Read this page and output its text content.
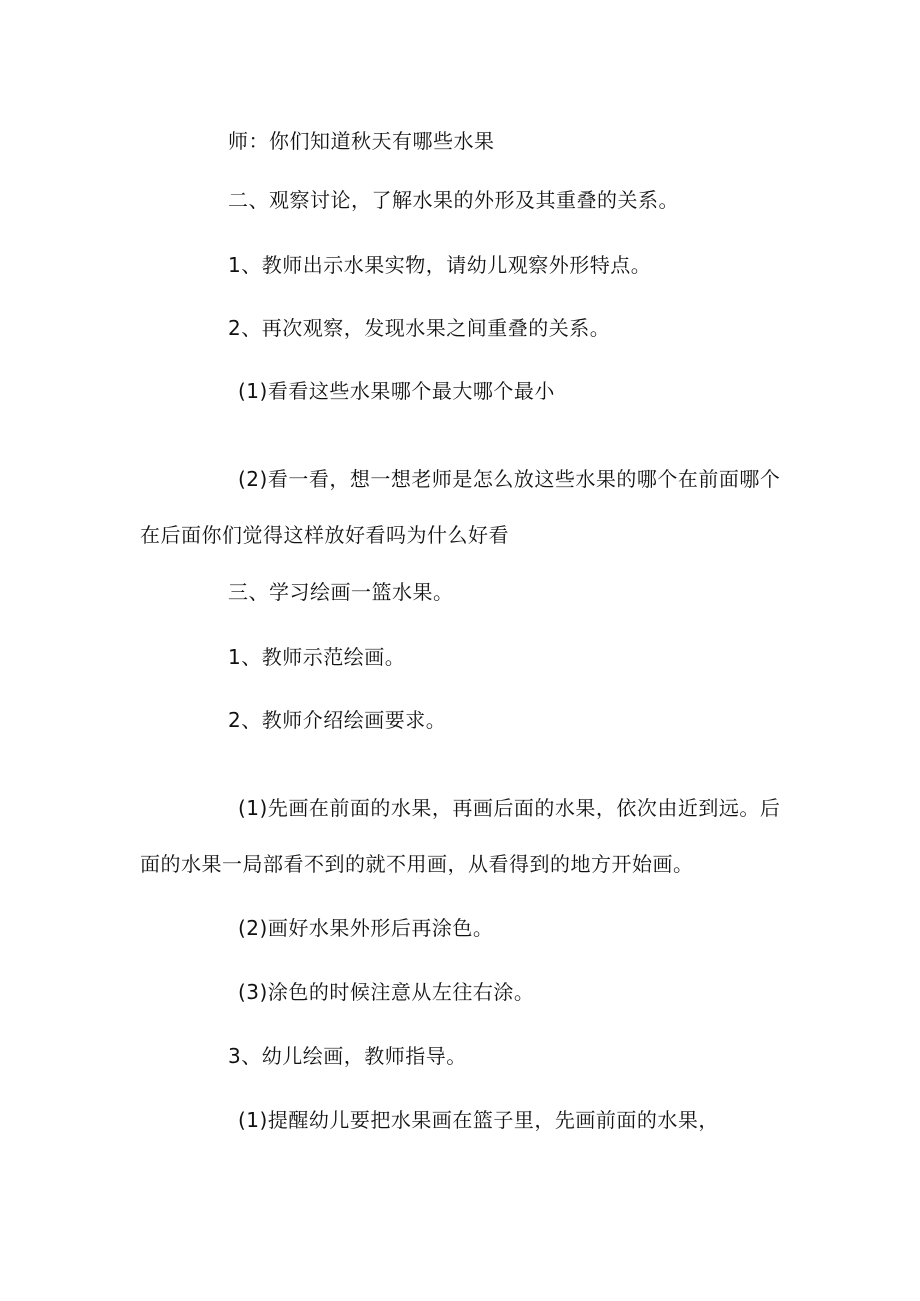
师：你们知道秋天有哪些水果
二、观察讨论，了解水果的外形及其重叠的关系。
1、教师出示水果实物，请幼儿观察外形特点。
2、再次观察，发现水果之间重叠的关系。
(1)看看这些水果哪个最大哪个最小
(2)看一看，想一想老师是怎么放这些水果的哪个在前面哪个
在后面你们觉得这样放好看吗为什么好看
三、学习绘画一篮水果。
1、教师示范绘画。
2、教师介绍绘画要求。
(1)先画在前面的水果，再画后面的水果，依次由近到远。后
面的水果一局部看不到的就不用画，从看得到的地方开始画。
(2)画好水果外形后再涂色。
(3)涂色的时候注意从左往右涂。
3、幼儿绘画，教师指导。
(1)提醒幼儿要把水果画在篮子里，先画前面的水果，
